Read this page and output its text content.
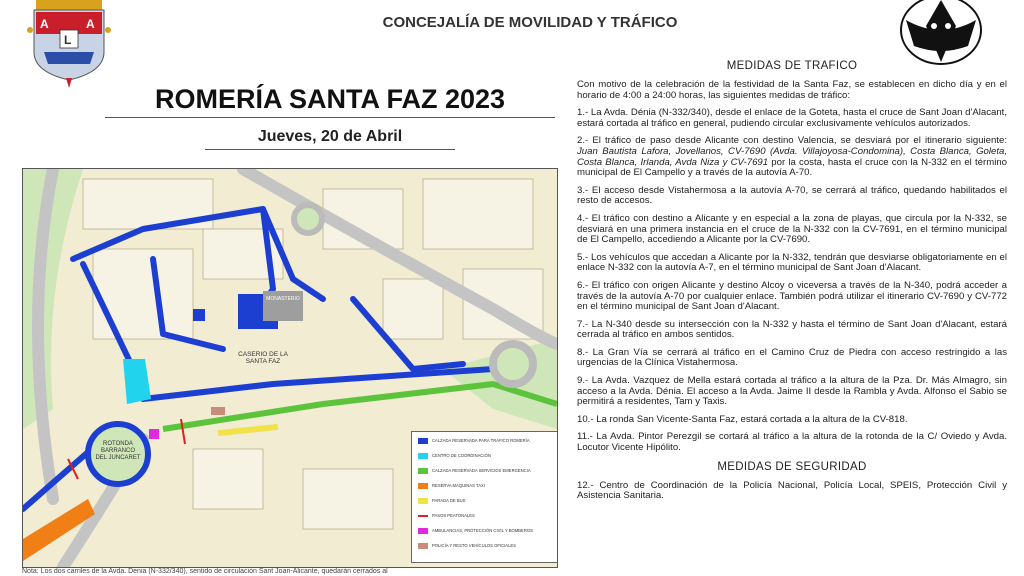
A	A
L
CONCEJALÍA DE MOVILIDAD Y TRÁFICO
ROMERÍA SANTA FAZ 2023
Jueves, 20 de Abril
MONASTERIO
CASERIO DE LA
SANTA FAZ
ROTONDA
BARRANCO
DEL JUNCARET
CALZADA RESERVADA PARA TRÁFICO ROMERÍA
CENTRO DE COORDINACIÓN
CALZADA RESERVADA SERVICIOS EMERGENCIA
RESERVA MAQUINAS TAXI
PARADA DE BUS
PASOS PEATONALES
AMBULANCIAS, PROTECCIÓN CIVIL Y BOMBEROS
POLICÍA Y RESTO VEHÍCULOS OFICIALES
Nota: Los dos carriles de la Avda. Denia (N-332/340), sentido de circulación Sant Joan-Alicante, quedarán cerrados al
MEDIDAS DE TRÁFICO
Con motivo de la celebración de la festividad de la Santa Faz, se establecen en dicho día y en el horario de 4:00 a 24:00 horas, las siguientes medidas de tráfico:
1.- La Avda. Dénia (N-332/340), desde el enlace de la Goteta, hasta el cruce de Sant Joan d'Alacant, estará cortada al tráfico en general, pudiendo circular exclusivamente vehículos autorizados.
2.- El tráfico de paso desde Alicante con destino Valencia, se desviará por el itinerario siguiente: Juan Bautista Lafora, Jovellanos, CV-7690 (Avda. Villajoyosa-Condomina), Costa Blanca, Goleta, Costa Blanca, Irlanda, Avda Niza y CV-7691 por la costa, hasta el cruce con la N-332 en el término municipal de El Campello y a través de la autovía A-70.
3.- El acceso desde Vistahermosa a la autovía A-70, se cerrará al tráfico, quedando habilitados el resto de accesos.
4.- El tráfico con destino a Alicante y en especial a la zona de playas, que circula por la N-332, se desviará en una primera instancia en el cruce de la N-332 con la CV-7691, en el término municipal de El Campello, accediendo a Alicante por la CV-7690.
5.- Los vehículos que accedan a Alicante por la N-332, tendrán que desviarse obligatoriamente en el enlace N-332 con la autovía A-7, en el término municipal de Sant Joan d'Alacant.
6.- El tráfico con origen Alicante y destino Alcoy o viceversa a través de la N-340, podrá acceder a través de la autovía A-70 por cualquier enlace. También podrá utilizar el itinerario CV-7690 y CV-772 en el término municipal de Sant Joan d'Alacant.
7.- La N-340 desde su intersección con la N-332 y hasta el término de Sant Joan d'Alacant, estará cerrada al tráfico en ambos sentidos.
8.- La Gran Vía se cerrará al tráfico en el Camino Cruz de Piedra con acceso restringido a las urgencias de la Clínica Vistahermosa.
9.- La Avda. Vazquez de Mella estará cortada al tráfico a la altura de la Pza. Dr. Más Almagro, sin acceso a la Avda. Dénia. El acceso a la Avda. Jaime II desde la Rambla y Avda. Alfonso el Sabio se permitirá a residentes, Tam y Taxis.
10.- La ronda San Vicente-Santa Faz, estará cortada a la altura de la CV-818.
11.- La Avda. Pintor Perezgil se cortará al tráfico a la altura de la rotonda de la C/ Oviedo y Avda. Locutor Vicente Hipólito.
MEDIDAS DE SEGURIDAD
12.- Centro de Coordinación de la Policía Nacional, Policía Local, SPEIS, Protección Civil y Asistencia Sanitaria.
